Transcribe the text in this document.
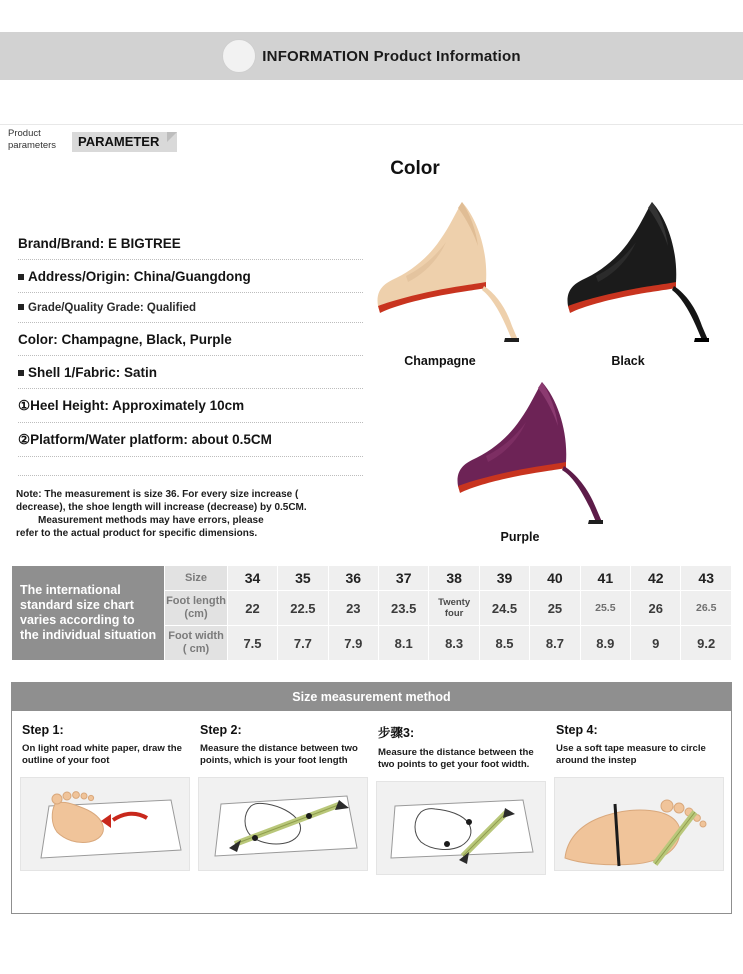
INFORMATION Product Information
Product parameters	PARAMETER
Brand/Brand: E BIGTREE
Address/Origin: China/Guangdong
Grade/Quality Grade: Qualified
Color: Champagne, Black, Purple
Shell 1/Fabric: Satin
①Heel Height: Approximately 10cm
②Platform/Water platform: about 0.5CM
Note: The measurement is size 36. For every size increase (
decrease), the shoe length will increase (decrease) by 0.5CM.
Measurement methods may have errors, please
refer to the actual product for specific dimensions.
Color
Champagne	Black
Purple
The international standard size chart varies according to the individual situation	Size	34	35	36	37	38	39	40	41	42	43
	Foot length (cm)	22	22.5	23	23.5	Twenty four	24.5	25	25.5	26	26.5
	Foot width ( cm)	7.5	7.7	7.9	8.1	8.3	8.5	8.7	8.9	9	9.2
Size measurement method
Step 1:
On light road white paper, draw the outline of your foot
Step 2:
Measure the distance between two points, which is your foot length
步骤3:
Measure the distance between the two points to get your foot width.
Step 4:
Use a soft tape measure to circle around the instep
